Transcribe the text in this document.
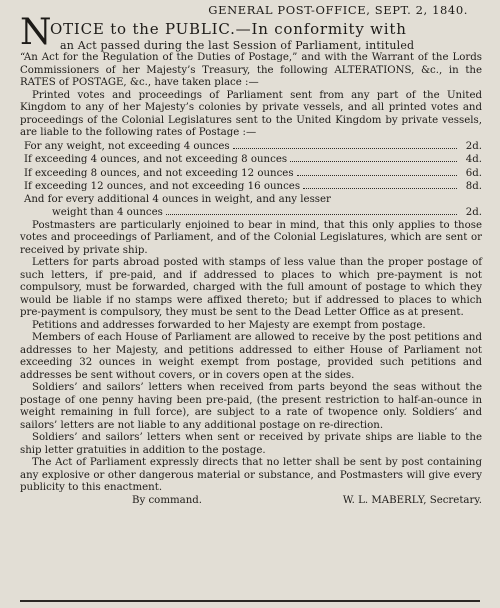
GENERAL POST-OFFICE, SEPT. 2, 1840.
N
OTICE to the PUBLIC.—In conformity with
an Act passed during the last Session of Parliament, intituled

“An Act for the Regulation of the Duties of Postage,” and with the Warrant of the Lords Commissioners of her Majesty’s Treasury, the following ALTERATIONS, &c., in the RATES of POSTAGE, &c., have taken place :—

Printed votes and proceedings of Parliament sent from any part of the United Kingdom to any of her Majesty’s colonies by private vessels, and all printed votes and proceedings of the Colonial Legislatures sent to the United Kingdom by private vessels, are liable to the following rates of Postage :—

For any weight, not exceeding 4 ounces	2d.
If exceeding 4 ounces, and not exceeding 8 ounces	4d.
If exceeding 8 ounces, and not exceeding 12 ounces	6d.
If exceeding 12 ounces, and not exceeding 16 ounces	8d.
And for every additional 4 ounces in weight, and any lesser
weight than 4 ounces	2d.

Postmasters are particularly enjoined to bear in mind, that this only applies to those votes and proceedings of Parliament, and of the Colonial Legislatures, which are sent or received by private ship.

Letters for parts abroad posted with stamps of less value than the proper postage of such letters, if pre-paid, and if addressed to places to which pre-payment is not compulsory, must be forwarded, charged with the full amount of postage to which they would be liable if no stamps were affixed thereto; but if addressed to places to which pre-payment is compulsory, they must be sent to the Dead Letter Office as at present.

Petitions and addresses forwarded to her Majesty are exempt from postage.

Members of each House of Parliament are allowed to receive by the post petitions and addresses to her Majesty, and petitions addressed to either House of Parliament not exceeding 32 ounces in weight exempt from postage, provided such petitions and addresses be sent without covers, or in covers open at the sides.

Soldiers’ and sailors’ letters when received from parts beyond the seas without the postage of one penny having been pre-paid, (the present restriction to half-an-ounce in weight remaining in full force), are subject to a rate of twopence only. Soldiers’ and sailors’ letters are not liable to any additional postage on re-direction.

Soldiers’ and sailors’ letters when sent or received by private ships are liable to the ship letter gratuities in addition to the postage.

The Act of Parliament expressly directs that no letter shall be sent by post containing any explosive or other dangerous material or substance, and Postmasters will give every publicity to this enactment.

By command.	W. L. MABERLY, Secretary.
